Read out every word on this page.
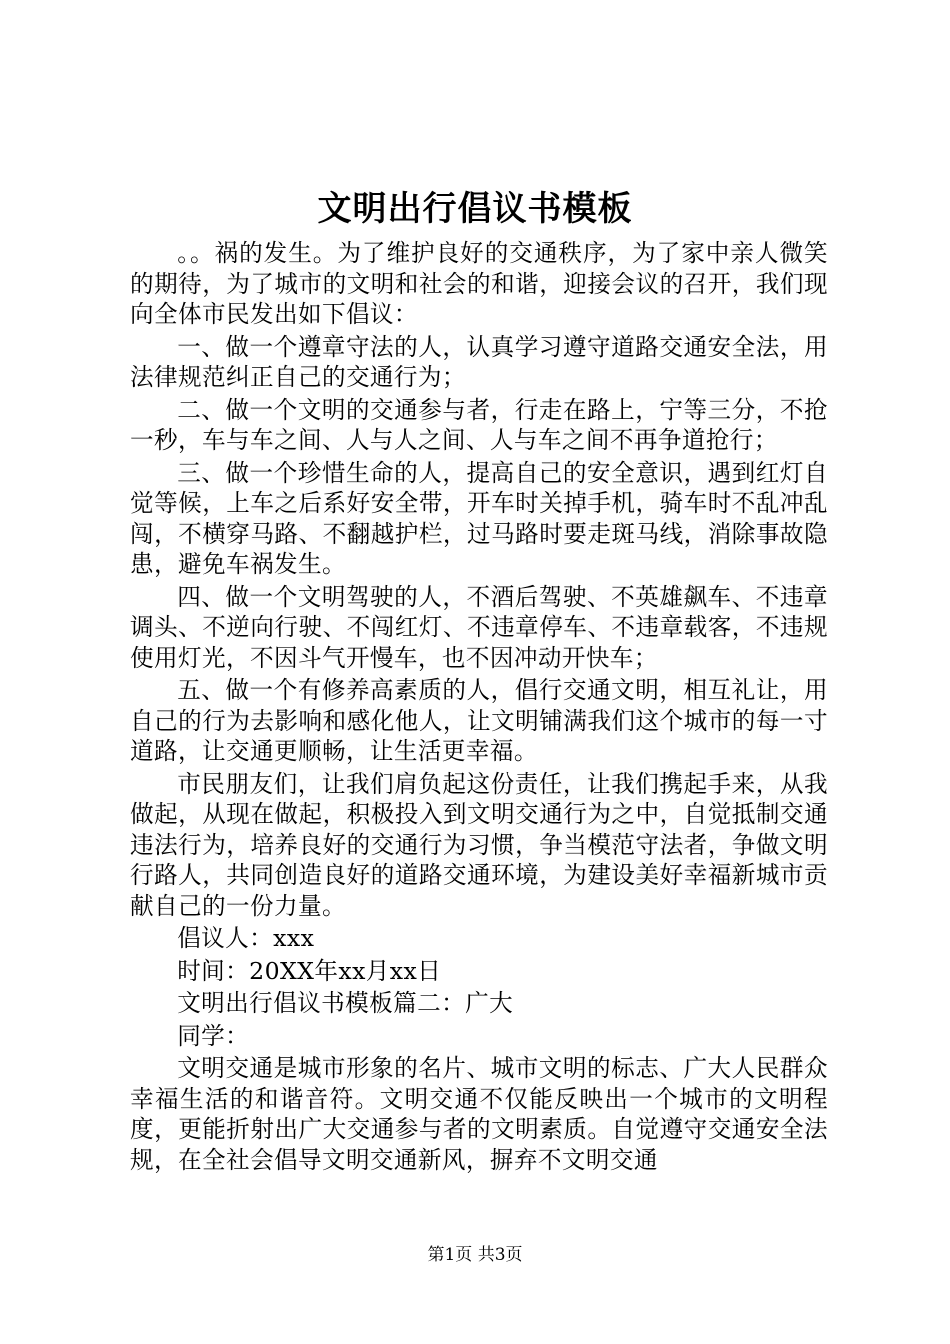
文明出行倡议书模板

。。祸的发生。为了维护良好的交通秩序，为了家中亲人微笑的期待，为了城市的文明和社会的和谐，迎接会议的召开，我们现向全体市民发出如下倡议：

一、做一个遵章守法的人，认真学习遵守道路交通安全法，用法律规范纠正自己的交通行为；

二、做一个文明的交通参与者，行走在路上，宁等三分，不抢一秒，车与车之间、人与人之间、人与车之间不再争道抢行；

三、做一个珍惜生命的人，提高自己的安全意识，遇到红灯自觉等候，上车之后系好安全带，开车时关掉手机，骑车时不乱冲乱闯，不横穿马路、不翻越护栏，过马路时要走斑马线，消除事故隐患，避免车祸发生。

四、做一个文明驾驶的人，不酒后驾驶、不英雄飙车、不违章调头、不逆向行驶、不闯红灯、不违章停车、不违章载客，不违规使用灯光，不因斗气开慢车，也不因冲动开快车；

五、做一个有修养高素质的人，倡行交通文明，相互礼让，用自己的行为去影响和感化他人，让文明铺满我们这个城市的每一寸道路，让交通更顺畅，让生活更幸福。

市民朋友们，让我们肩负起这份责任，让我们携起手来，从我做起，从现在做起，积极投入到文明交通行为之中，自觉抵制交通违法行为，培养良好的交通行为习惯，争当模范守法者，争做文明行路人，共同创造良好的道路交通环境，为建设美好幸福新城市贡献自己的一份力量。

倡议人：xxx

时间：20XX年xx月xx日

文明出行倡议书模板篇二：广大

同学：

文明交通是城市形象的名片、城市文明的标志、广大人民群众幸福生活的和谐音符。文明交通不仅能反映出一个城市的文明程度，更能折射出广大交通参与者的文明素质。自觉遵守交通安全法规，在全社会倡导文明交通新风，摒弃不文明交通

第1页 共3页
